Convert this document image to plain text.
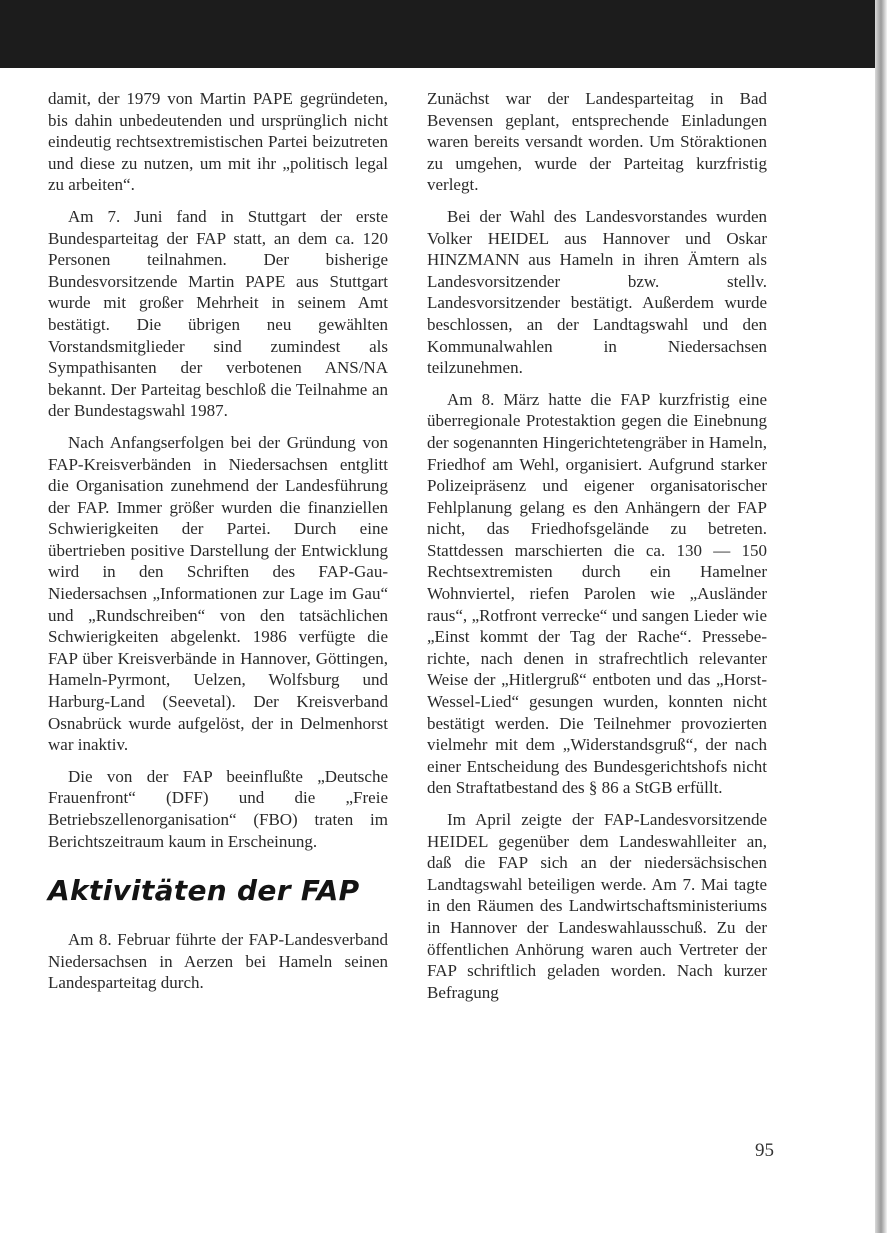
damit, der 1979 von Martin PAPE gegründeten, bis dahin unbedeutenden und ursprünglich nicht eindeutig rechtsextremistischen Partei beizutreten und diese zu nutzen, um mit ihr „politisch legal zu arbeiten“.

Am 7. Juni fand in Stuttgart der erste Bundesparteitag der FAP statt, an dem ca. 120 Personen teilnahmen. Der bisherige Bundesvorsitzende Martin PAPE aus Stuttgart wurde mit großer Mehrheit in seinem Amt bestätigt. Die übrigen neu gewählten Vorstandsmitglieder sind zumindest als Sympathisanten der verbotenen ANS/NA bekannt. Der Parteitag beschloß die Teilnahme an der Bundestagswahl 1987.

Nach Anfangserfolgen bei der Gründung von FAP-Kreisverbänden in Niedersachsen entglitt die Organisation zunehmend der Landesführung der FAP. Immer größer wurden die finanziellen Schwierigkeiten der Partei. Durch eine übertrieben positive Darstellung der Entwicklung wird in den Schriften des FAP-Gau-Niedersachsen „Informationen zur Lage im Gau“ und „Rundschreiben“ von den tatsächlichen Schwierigkeiten abgelenkt. 1986 verfügte die FAP über Kreisverbände in Hannover, Göttingen, Hameln-Pyrmont, Uelzen, Wolfsburg und Harburg-Land (Seevetal). Der Kreisverband Osnabrück wurde aufgelöst, der in Delmenhorst war inaktiv.

Die von der FAP beeinflußte „Deutsche Frauenfront“ (DFF) und die „Freie Betriebszellenorganisation“ (FBO) traten im Berichtszeitraum kaum in Erscheinung.

Aktivitäten der FAP

Am 8. Februar führte der FAP-Landesverband Niedersachsen in Aerzen bei Hameln seinen Landesparteitag durch.

Zunächst war der Landesparteitag in Bad Bevensen geplant, entsprechende Einladungen waren bereits versandt worden. Um Störaktionen zu umgehen, wurde der Parteitag kurzfristig verlegt.

Bei der Wahl des Landesvorstandes wurden Volker HEIDEL aus Hannover und Oskar HINZMANN aus Hameln in ihren Ämtern als Landesvorsitzender bzw. stellv. Landesvorsitzender bestätigt. Außerdem wurde beschlossen, an der Landtagswahl und den Kommunalwahlen in Niedersachsen teilzunehmen.

Am 8. März hatte die FAP kurzfristig eine überregionale Protestaktion gegen die Einebnung der sogenannten Hingerichtetengräber in Hameln, Friedhof am Wehl, organisiert. Aufgrund starker Polizeipräsenz und eigener organisatorischer Fehlplanung gelang es den Anhängern der FAP nicht, das Friedhofsgelände zu betreten. Stattdessen marschierten die ca. 130 — 150 Rechtsextremisten durch ein Hamelner Wohnviertel, riefen Parolen wie „Ausländer raus“, „Rotfront verrecke“ und sangen Lieder wie „Einst kommt der Tag der Rache“. Pressebe-richte, nach denen in strafrechtlich relevanter Weise der „Hitlergruß“ entboten und das „Horst-Wessel-Lied“ gesungen wurden, konnten nicht bestätigt werden. Die Teilnehmer provozierten vielmehr mit dem „Widerstandsgruß“, der nach einer Entscheidung des Bundesgerichtshofs nicht den Straftatbestand des § 86 a StGB erfüllt.

Im April zeigte der FAP-Landesvorsitzende HEIDEL gegenüber dem Landeswahlleiter an, daß die FAP sich an der niedersächsischen Landtagswahl beteiligen werde. Am 7. Mai tagte in den Räumen des Landwirtschaftsministeriums in Hannover der Landeswahlausschuß. Zu der öffentlichen Anhörung waren auch Vertreter der FAP schriftlich geladen worden. Nach kurzer Befragung

95
